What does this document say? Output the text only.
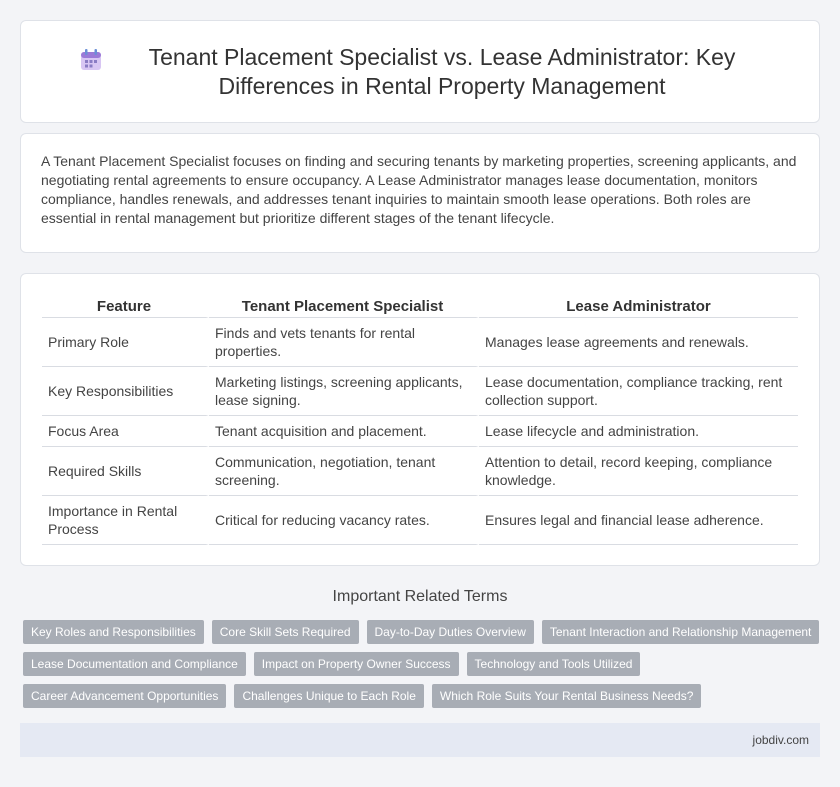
Tenant Placement Specialist vs. Lease Administrator: Key Differences in Rental Property Management

A Tenant Placement Specialist focuses on finding and securing tenants by marketing properties, screening applicants, and negotiating rental agreements to ensure occupancy. A Lease Administrator manages lease documentation, monitors compliance, handles renewals, and addresses tenant inquiries to maintain smooth lease operations. Both roles are essential in rental management but prioritize different stages of the tenant lifecycle.

Feature	Tenant Placement Specialist	Lease Administrator
Primary Role	Finds and vets tenants for rental properties.	Manages lease agreements and renewals.
Key Responsibilities	Marketing listings, screening applicants, lease signing.	Lease documentation, compliance tracking, rent collection support.
Focus Area	Tenant acquisition and placement.	Lease lifecycle and administration.
Required Skills	Communication, negotiation, tenant screening.	Attention to detail, record keeping, compliance knowledge.
Importance in Rental Process	Critical for reducing vacancy rates.	Ensures legal and financial lease adherence.
Important Related Terms
Key Roles and Responsibilities	Core Skill Sets Required	Day-to-Day Duties Overview	Tenant Interaction and Relationship Management
Lease Documentation and Compliance	Impact on Property Owner Success	Technology and Tools Utilized
Career Advancement Opportunities	Challenges Unique to Each Role	Which Role Suits Your Rental Business Needs?
jobdiv.com
